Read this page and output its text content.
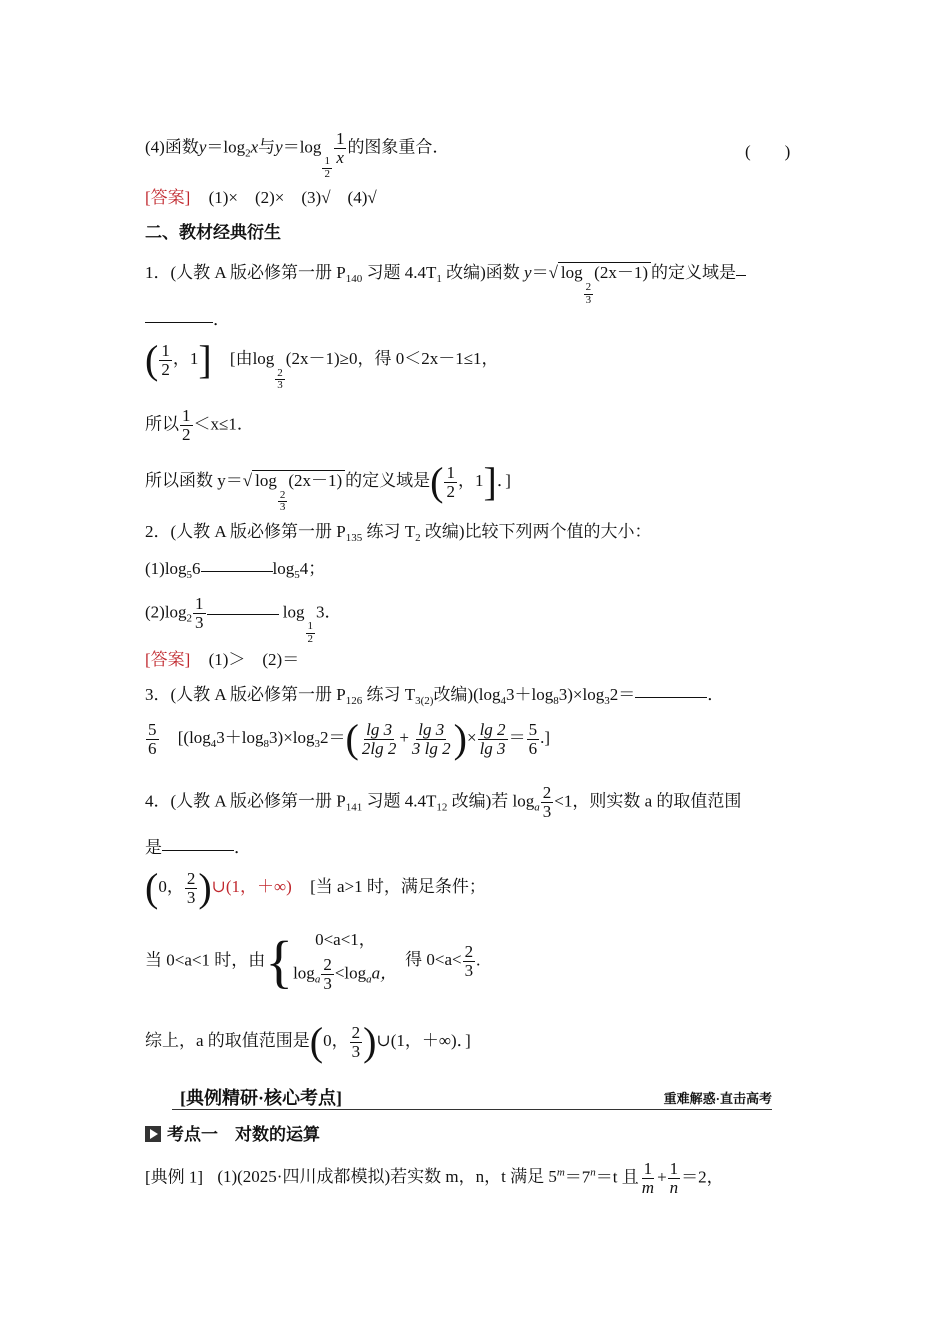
(4)函数$y=\log_2x$与y＝log
$\frac{1}{2}$
$\frac{1}{x}$ 的图象重合．	(　　)
[答案] (1)×　(2)×　(3)√　(4)√
二、教材经典衍生
1．(人教 A 版必修第一册 $P_{140}$ 习题 $4.4T_1$ 改编)函数 y＝√ log
$\frac{2}{3}$
(2x－1) 的定义域是
．
( $\frac{1}{2}$ ，1] [由log
$\frac{2}{3}$
(2x－1)≥0，得 0＜2x－1≤1，
所以 $\frac{1}{2} <x\le 1$．
所以函数 y＝√ log
$\frac{2}{3}$
(2x－1) 的定义域是( $\frac{1}{2}$ ，1]．]
2．(人教 A 版必修第一册 $P_{135}$ 练习 $T_2$ 改编)比较下列两个值的大小：
$(1)\log_56$	$\log_54$；
$(2)\log_2 \frac{1}{3}$	log
$\frac{1}{2}$
3．
[答案] (1)＞　(2)＝
3．(人教 A 版必修第一册 $P_{126}$ 练习 $T_{3(2)}$改编)$(\log_43+\log_83)\times\log_32=$	．
$\frac{5}{6} [(\log_43+\log_83)\times\log_32=( \frac{\lg 3}{2\lg 2} + \frac{\lg 3}{3 \lg 2}$ )× $\frac{\lg 2}{\lg 3} = \frac{5}{6}$ .]
4．(人教 A 版必修第一册 $P_{141}$ 习题 $4.4T_{12}$ 改编)若 $\log_a \frac{2}{3} <1$，则实数 a 的取值范围
是	．
(0， $\frac{2}{3}$ )∪(1，＋∞) [当 a>1 时，满足条件；
当 0<a<1 时，由 {	0<a<1，
$\log_a \frac{2}{3} <\log_aa$，
得 $0<a< \frac{2}{3}$ .
综上，a 的取值范围是(0， $\frac{2}{3}$ )∪(1，＋∞)．]
[典例精研·核心考点]	重难解惑·直击高考
考点一　对数的运算
[典例 1] (1)(2025·四川成都模拟)若实数 m，n，t 满足 $5^m=7^n=t$ 且 $\frac{1}{m} + \frac{1}{n} =2$，
